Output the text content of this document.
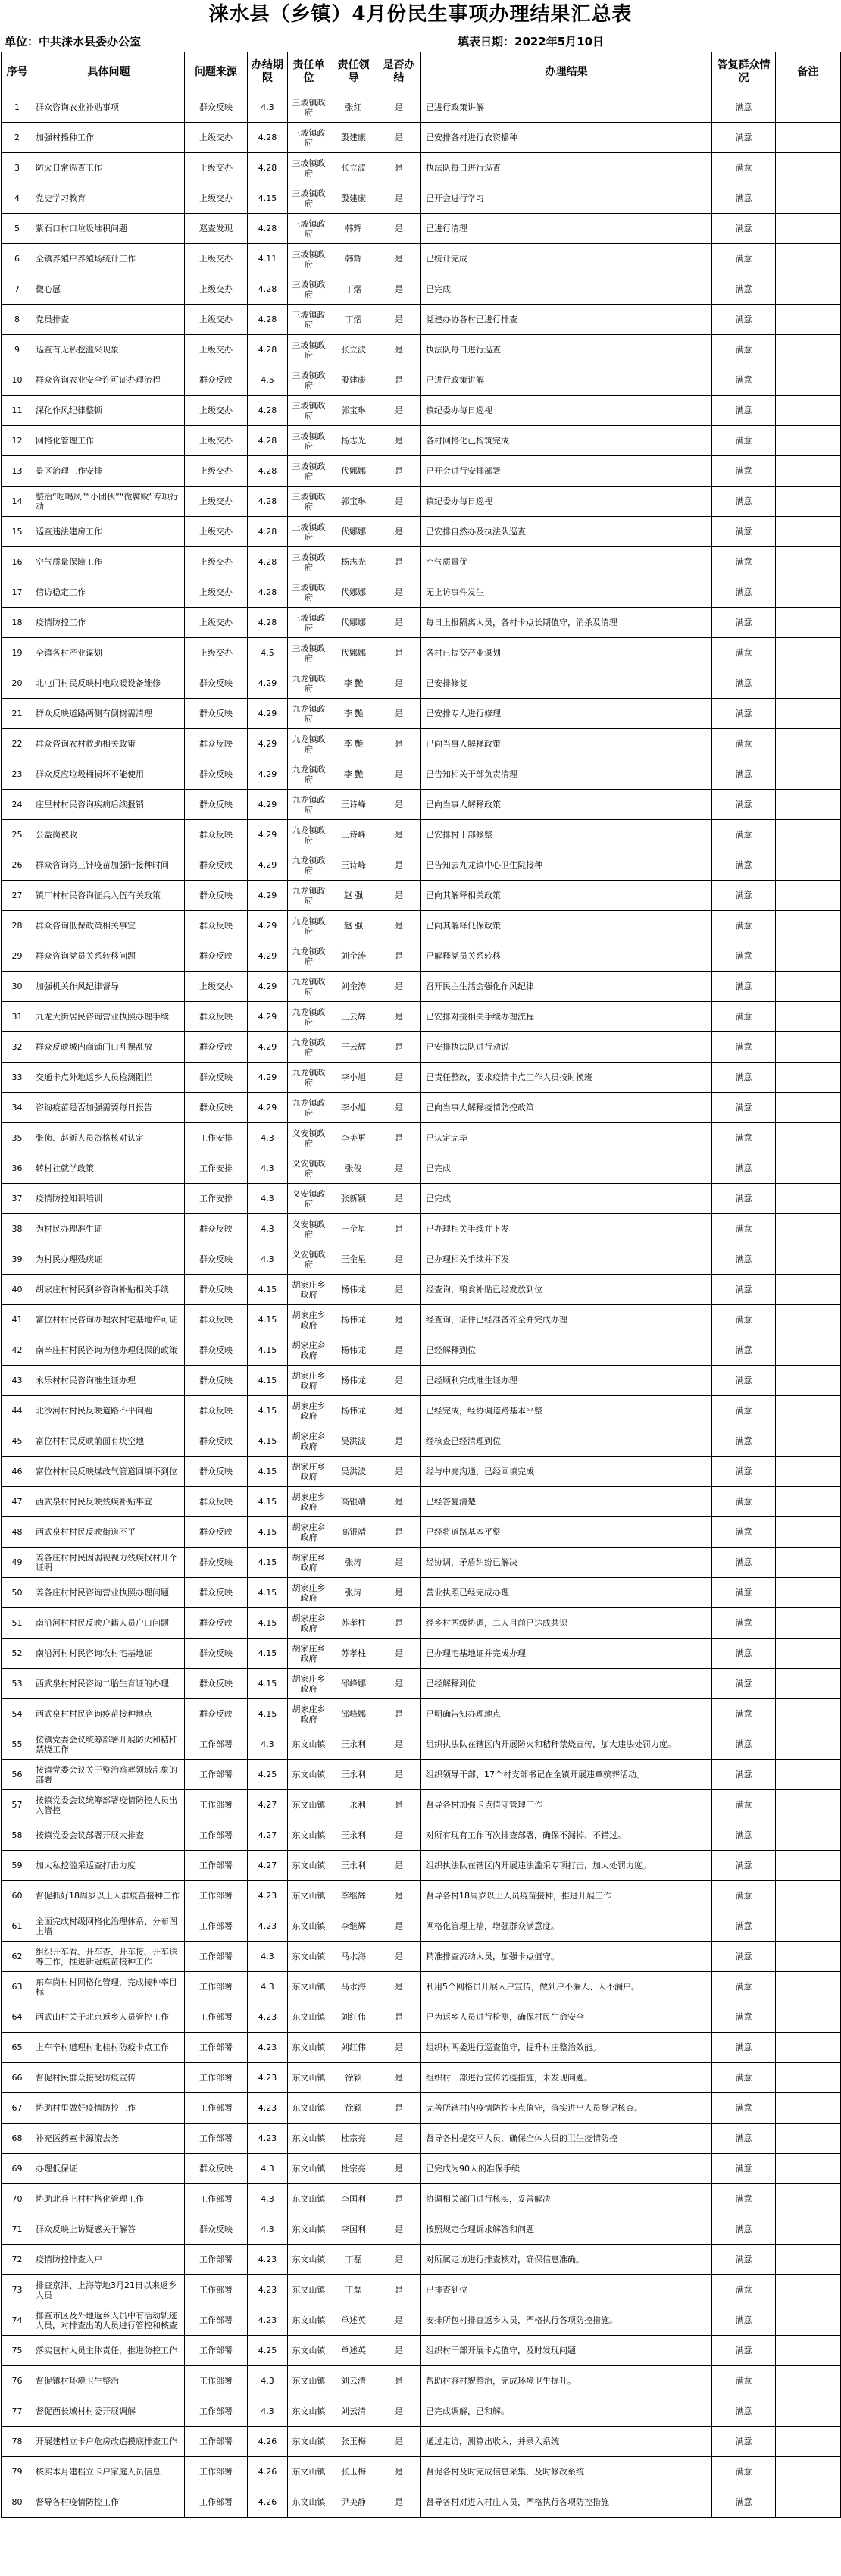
涞水县（乡镇）4月份民生事项办理结果汇总表
单位：中共涞水县委办公室	填表日期：2022年5月10日
序号	具体问题	问题来源	办结期限	责任单位	责任领导	是否办结	办理结果	答复群众情况	备注
1	群众咨询农业补贴事项	群众反映	4.3	三坡镇政府	张红	是	已进行政策讲解	满意	
2	加强村播种工作	上级交办	4.28	三坡镇政府	殷建康	是	已安排各村进行农资播种	满意	
3	防火日常巡查工作	上级交办	4.28	三坡镇政府	张立波	是	执法队每日进行巡查	满意	
4	党史学习教育	上级交办	4.15	三坡镇政府	殷建康	是	已开会进行学习	满意	
5	紫石口村口垃圾堆积问题	巡查发现	4.28	三坡镇政府	韩辉	是	已进行清理	满意	
6	全镇养殖户养殖场统计工作	上级交办	4.11	三坡镇政府	韩辉	是	已统计完成	满意	
7	微心愿	上级交办	4.28	三坡镇政府	丁熠	是	已完成	满意	
8	党员排查	上级交办	4.28	三坡镇政府	丁熠	是	党建办协各村已进行排查	满意	
9	巡查有无私挖滥采现象	上级交办	4.28	三坡镇政府	张立波	是	执法队每日进行巡查	满意	
10	群众咨询农业安全许可证办理流程	群众反映	4.5	三坡镇政府	殷建康	是	已进行政策讲解	满意	
11	深化作风纪律整顿	上级交办	4.28	三坡镇政府	郭宝琳	是	镇纪委办每日巡视	满意	
12	网格化管理工作	上级交办	4.28	三坡镇政府	杨志光	是	各村网格化已构筑完成	满意	
13	景区治理工作安排	上级交办	4.28	三坡镇政府	代娜娜	是	已开会进行安排部署	满意	
14	整治“吃喝风”“小团伙”“微腐败”专项行动	上级交办	4.28	三坡镇政府	郭宝琳	是	镇纪委办每日巡视	满意	
15	巡查违法建房工作	上级交办	4.28	三坡镇政府	代娜娜	是	已安排自然办及执法队巡查	满意	
16	空气质量保障工作	上级交办	4.28	三坡镇政府	杨志光	是	空气质量优	满意	
17	信访稳定工作	上级交办	4.28	三坡镇政府	代娜娜	是	无上访事件发生	满意	
18	疫情防控工作	上级交办	4.28	三坡镇政府	代娜娜	是	每日上报隔离人员，各村卡点长期值守，消杀及清理	满意	
19	全镇各村产业谋划	上级交办	4.5	三坡镇政府	代娜娜	是	各村已提交产业谋划	满意	
20	北屯门村民反映村电取暖设备维修	群众反映	4.29	九龙镇政府	李 艷	是	已安排修复	满意	
21	群众反映道路两侧有倒树需清理	群众反映	4.29	九龙镇政府	李 艷	是	已安排专人进行修理	满意	
22	群众咨询农村救助相关政策	群众反映	4.29	九龙镇政府	李 艷	是	已向当事人解释政策	满意	
23	群众反应垃圾桶损坏不能使用	群众反映	4.29	九龙镇政府	李 艷	是	已告知相关干部负责清理	满意	
24	庄里村村民咨询疾病后续报销	群众反映	4.29	九龙镇政府	王诗峰	是	已向当事人解释政策	满意	
25	公益岗被收	群众反映	4.29	九龙镇政府	王诗峰	是	已安排村干部修整	满意	
26	群众咨询第三针疫苗加强针接种时间	群众反映	4.29	九龙镇政府	王诗峰	是	已告知去九龙镇中心卫生院接种	满意	
27	镇厂村村民咨询征兵入伍有关政策	群众反映	4.29	九龙镇政府	赵 强	是	已向其解释相关政策	满意	
28	群众咨询低保政策相关事宜	群众反映	4.29	九龙镇政府	赵 强	是	已向其解释低保政策	满意	
29	群众咨询党员关系转移问题	群众反映	4.29	九龙镇政府	刘金涛	是	已解释党员关系转移	满意	
30	加强机关作风纪律督导	上级交办	4.29	九龙镇政府	刘金涛	是	召开民主生活会强化作风纪律	满意	
31	九龙大街居民咨询营业执照办理手续	群众反映	4.29	九龙镇政府	王云辉	是	已安排对接相关手续办理流程	满意	
32	群众反映城内商铺门口乱摆乱放	群众反映	4.29	九龙镇政府	王云辉	是	已安排执法队进行劝说	满意	
33	交通卡点外地返乡人员检测阻拦	群众反映	4.29	九龙镇政府	李小旭	是	已责任整改，要求疫情卡点工作人员按时换班	满意	
34	咨询疫苗是否加强需要每日报告	群众反映	4.29	九龙镇政府	李小旭	是	已向当事人解释疫情防控政策	满意	
35	张侦、赵新人员资格核对认定	工作安排	4.3	义安镇政府	李美更	是	已认定完毕	满意	
36	转村社就学政策	工作安排	4.3	义安镇政府	张俊	是	已完成	满意	
37	疫情防控知识培训	工作安排	4.3	义安镇政府	张新颖	是	已完成	满意	
38	为村民办理准生证	群众反映	4.3	义安镇政府	王金星	是	已办理相关手续并下发	满意	
39	为村民办理残疾证	群众反映	4.3	义安镇政府	王金星	是	已办理相关手续并下发	满意	
40	胡家庄村村民到乡咨询补贴相关手续	群众反映	4.15	胡家庄乡政府	杨伟龙	是	经查询，粮食补贴已经发放到位	满意	
41	富位村村民咨询办理农村宅基地许可证	群众反映	4.15	胡家庄乡政府	杨伟龙	是	经查询，证件已经准备齐全并完成办理	满意	
42	南辛庄村村民咨询为他办理低保的政策	群众反映	4.15	胡家庄乡政府	杨伟龙	是	已经解释到位	满意	
43	永乐村村民咨询准生证办理	群众反映	4.15	胡家庄乡政府	杨伟龙	是	已经顺利完成准生证办理	满意	
44	北沙河村村民反映道路不平问题	群众反映	4.15	胡家庄乡政府	杨伟龙	是	已经完成，经协调道路基本平整	满意	
45	富位村村民反映前面有块空地	群众反映	4.15	胡家庄乡政府	吴洪波	是	经核查已经清理到位	满意	
46	富位村村民反映煤改气管道回填不到位	群众反映	4.15	胡家庄乡政府	吴洪波	是	经与中亮沟通，已经回填完成	满意	
47	西武泉村村民反映残疾补贴事宜	群众反映	4.15	胡家庄乡政府	高银靖	是	已经答复清楚	满意	
48	西武泉村村民反映街道不平	群众反映	4.15	胡家庄乡政府	高银靖	是	已经将道路基本平整	满意	
49	姜各庄村村民因弱视视力残疾找村开个证明	群众反映	4.15	胡家庄乡政府	张涛	是	经协调，矛盾纠纷已解决	满意	
50	姜各庄村村民咨询营业执照办理问题	群众反映	4.15	胡家庄乡政府	张涛	是	营业执照已经完成办理	满意	
51	南沿河村村民反映户籍人员户口问题	群众反映	4.15	胡家庄乡政府	苏孝柱	是	经乡村两级协调，二人目前已达成共识	满意	
52	南沿河村村民咨询农村宅基地证	群众反映	4.15	胡家庄乡政府	苏孝柱	是	已办理宅基地证并完成办理	满意	
53	西武泉村村民咨询二胎生育证的办理	群众反映	4.15	胡家庄乡政府	邵峰娜	是	已经解释到位	满意	
54	西武泉村村民咨询疫苗接种地点	群众反映	4.15	胡家庄乡政府	邵峰娜	是	已明确告知办理地点	满意	
55	按镇党委会议统筹部署开展防火和秸秆禁烧工作	工作部署	4.3	东文山镇	王永利	是	组织执法队在辖区内开展防火和秸秆禁烧宣传，加大违法处罚力度。	满意	
56	按镇党委会议关于整治殡葬领域乱象的部署	工作部署	4.25	东文山镇	王永利	是	组织领导干部、17个村支部书记在全镇开展违章殡葬活动。	满意	
57	按镇党委会议统筹部署疫情防控人员出入管控	工作部署	4.27	东文山镇	王永利	是	督导各村加强卡点值守管理工作	满意	
58	按镇党委会议部署开展大排查	工作部署	4.27	东文山镇	王永利	是	对所有现有工作再次排查部署，确保不漏掉、不错过。	满意	
59	加大私挖滥采巡查打击力度	工作部署	4.27	东文山镇	王永利	是	组织执法队在辖区内开展违法滥采专项打击，加大处罚力度。	满意	
60	督促抓好18周岁以上人群疫苗接种工作	工作部署	4.23	东文山镇	李继辉	是	督导各村18周岁以上人员疫苗接种，推进开展工作	满意	
61	全面完成村级网格化治理体系、分布图上墙	工作部署	4.23	东文山镇	李继辉	是	网格化管理上墙，增强群众满意度。	满意	
62	组织开车看、开车查、开车接、开车送等工作，推进新冠疫苗接种工作	工作部署	4.3	东文山镇	马水海	是	精准排查流动人员，加强卡点值守。	满意	
63	东车岗村村网格化管理，完成接种率目标	工作部署	4.3	东文山镇	马水海	是	利用5个网格员开展入户宣传，做到户不漏人、人不漏户。	满意	
64	西武山村关于北京返乡人员管控工作	工作部署	4.23	东文山镇	刘红伟	是	已为返乡人员进行检测，确保村民生命安全	满意	
65	上车辛村道理村北桂村防疫卡点工作	工作部署	4.23	东文山镇	刘红伟	是	组织村两委进行巡查值守，提升村庄整治效能。	满意	
66	督促村民群众接受防疫宣传	工作部署	4.23	东文山镇	徐颖	是	组织村干部进行宣传防疫措施，未发现问题。	满意	
67	协助村里做好疫情防控工作	工作部署	4.23	东文山镇	徐颖	是	完善所辖村内疫情防控卡点值守，落实进出人员登记核查。	满意	
68	补充医药室卡源流去务	工作部署	4.23	东文山镇	杜宗亮	是	督导各村提交平人员，确保全体人员的卫生疫情防控	满意	
69	办理低保证	群众反映	4.3	东文山镇	杜宗亮	是	已完成为90人的准保手续	满意	
70	协助北兵上村村格化管理工作	工作部署	4.3	东文山镇	李国利	是	协调相关部门进行核实，妥善解决	满意	
71	群众反映上访疑惑关于解答	群众反映	4.3	东文山镇	李国利	是	按照规定合理诉求解答和问题	满意	
72	疫情防控排查入户	工作部署	4.23	东文山镇	丁磊	是	对所属走访进行排查核对，确保信息准确。	满意	
73	排查京津、上海等地3月21日以来返乡人员	工作部署	4.23	东文山镇	丁磊	是	已排查到位	满意	
74	排查市区及外地返乡人员中有活动轨迹人员，对排查出的人员进行管控和核查	工作部署	4.23	东文山镇	单述英	是	安排所包村排查返乡人员，严格执行各项防控措施。	满意	
75	落实包村人员主体责任，推进防控工作	工作部署	4.25	东文山镇	单述英	是	组织村干部开展卡点值守，及时发现问题	满意	
76	督促镇村环境卫生整治	工作部署	4.3	东文山镇	刘云清	是	帮助村容村貌整治，完成环境卫生提升。	满意	
77	督促西长域村村委开展调解	工作部署	4.3	东文山镇	刘云清	是	已完成调解，已和解。	满意	
78	开展建档立卡户危房改造摸底排查工作	工作部署	4.26	东文山镇	张玉梅	是	通过走访，测算出收入，并录入系统	满意	
79	核实本月建档立卡户家庭人员信息	工作部署	4.26	东文山镇	张玉梅	是	督促各村及时完成信息采集，及时修改系统	满意	
80	督导各村疫情防控工作	工作部署	4.26	东文山镇	尹美静	是	督导各村对进入村庄人员，严格执行各项防控措施	满意	
